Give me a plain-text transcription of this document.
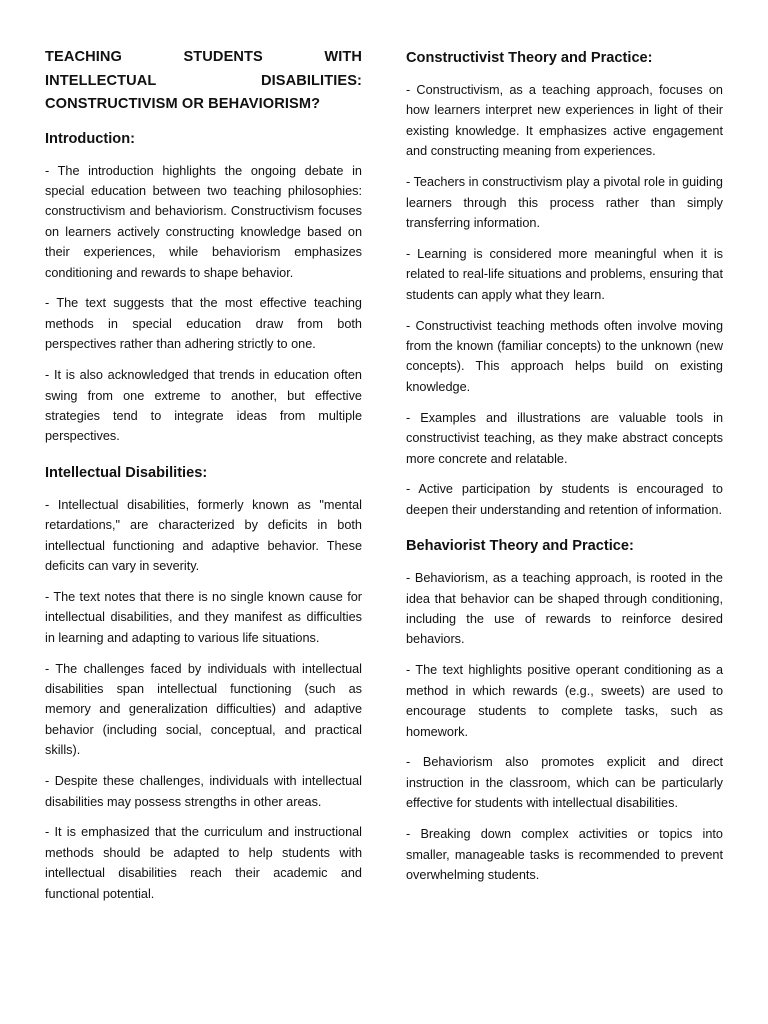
TEACHING STUDENTS WITH INTELLECTUAL DISABILITIES: CONSTRUCTIVISM OR BEHAVIORISM?
Introduction:

- The introduction highlights the ongoing debate in special education between two teaching philosophies: constructivism and behaviorism. Constructivism focuses on learners actively constructing knowledge based on their experiences, while behaviorism emphasizes conditioning and rewards to shape behavior.

- The text suggests that the most effective teaching methods in special education draw from both perspectives rather than adhering strictly to one.

- It is also acknowledged that trends in education often swing from one extreme to another, but effective strategies tend to integrate ideas from multiple perspectives.

Intellectual Disabilities:

- Intellectual disabilities, formerly known as "mental retardations," are characterized by deficits in both intellectual functioning and adaptive behavior. These deficits can vary in severity.

- The text notes that there is no single known cause for intellectual disabilities, and they manifest as difficulties in learning and adapting to various life situations.

- The challenges faced by individuals with intellectual disabilities span intellectual functioning (such as memory and generalization difficulties) and adaptive behavior (including social, conceptual, and practical skills).

- Despite these challenges, individuals with intellectual disabilities may possess strengths in other areas.

- It is emphasized that the curriculum and instructional methods should be adapted to help students with intellectual disabilities reach their academic and functional potential.

Constructivist Theory and Practice:

- Constructivism, as a teaching approach, focuses on how learners interpret new experiences in light of their existing knowledge. It emphasizes active engagement and constructing meaning from experiences.

- Teachers in constructivism play a pivotal role in guiding learners through this process rather than simply transferring information.

- Learning is considered more meaningful when it is related to real-life situations and problems, ensuring that students can apply what they learn.

- Constructivist teaching methods often involve moving from the known (familiar concepts) to the unknown (new concepts). This approach helps build on existing knowledge.

- Examples and illustrations are valuable tools in constructivist teaching, as they make abstract concepts more concrete and relatable.

- Active participation by students is encouraged to deepen their understanding and retention of information.

Behaviorist Theory and Practice:

- Behaviorism, as a teaching approach, is rooted in the idea that behavior can be shaped through conditioning, including the use of rewards to reinforce desired behaviors.

- The text highlights positive operant conditioning as a method in which rewards (e.g., sweets) are used to encourage students to complete tasks, such as homework.

- Behaviorism also promotes explicit and direct instruction in the classroom, which can be particularly effective for students with intellectual disabilities.

- Breaking down complex activities or topics into smaller, manageable tasks is recommended to prevent overwhelming students.
